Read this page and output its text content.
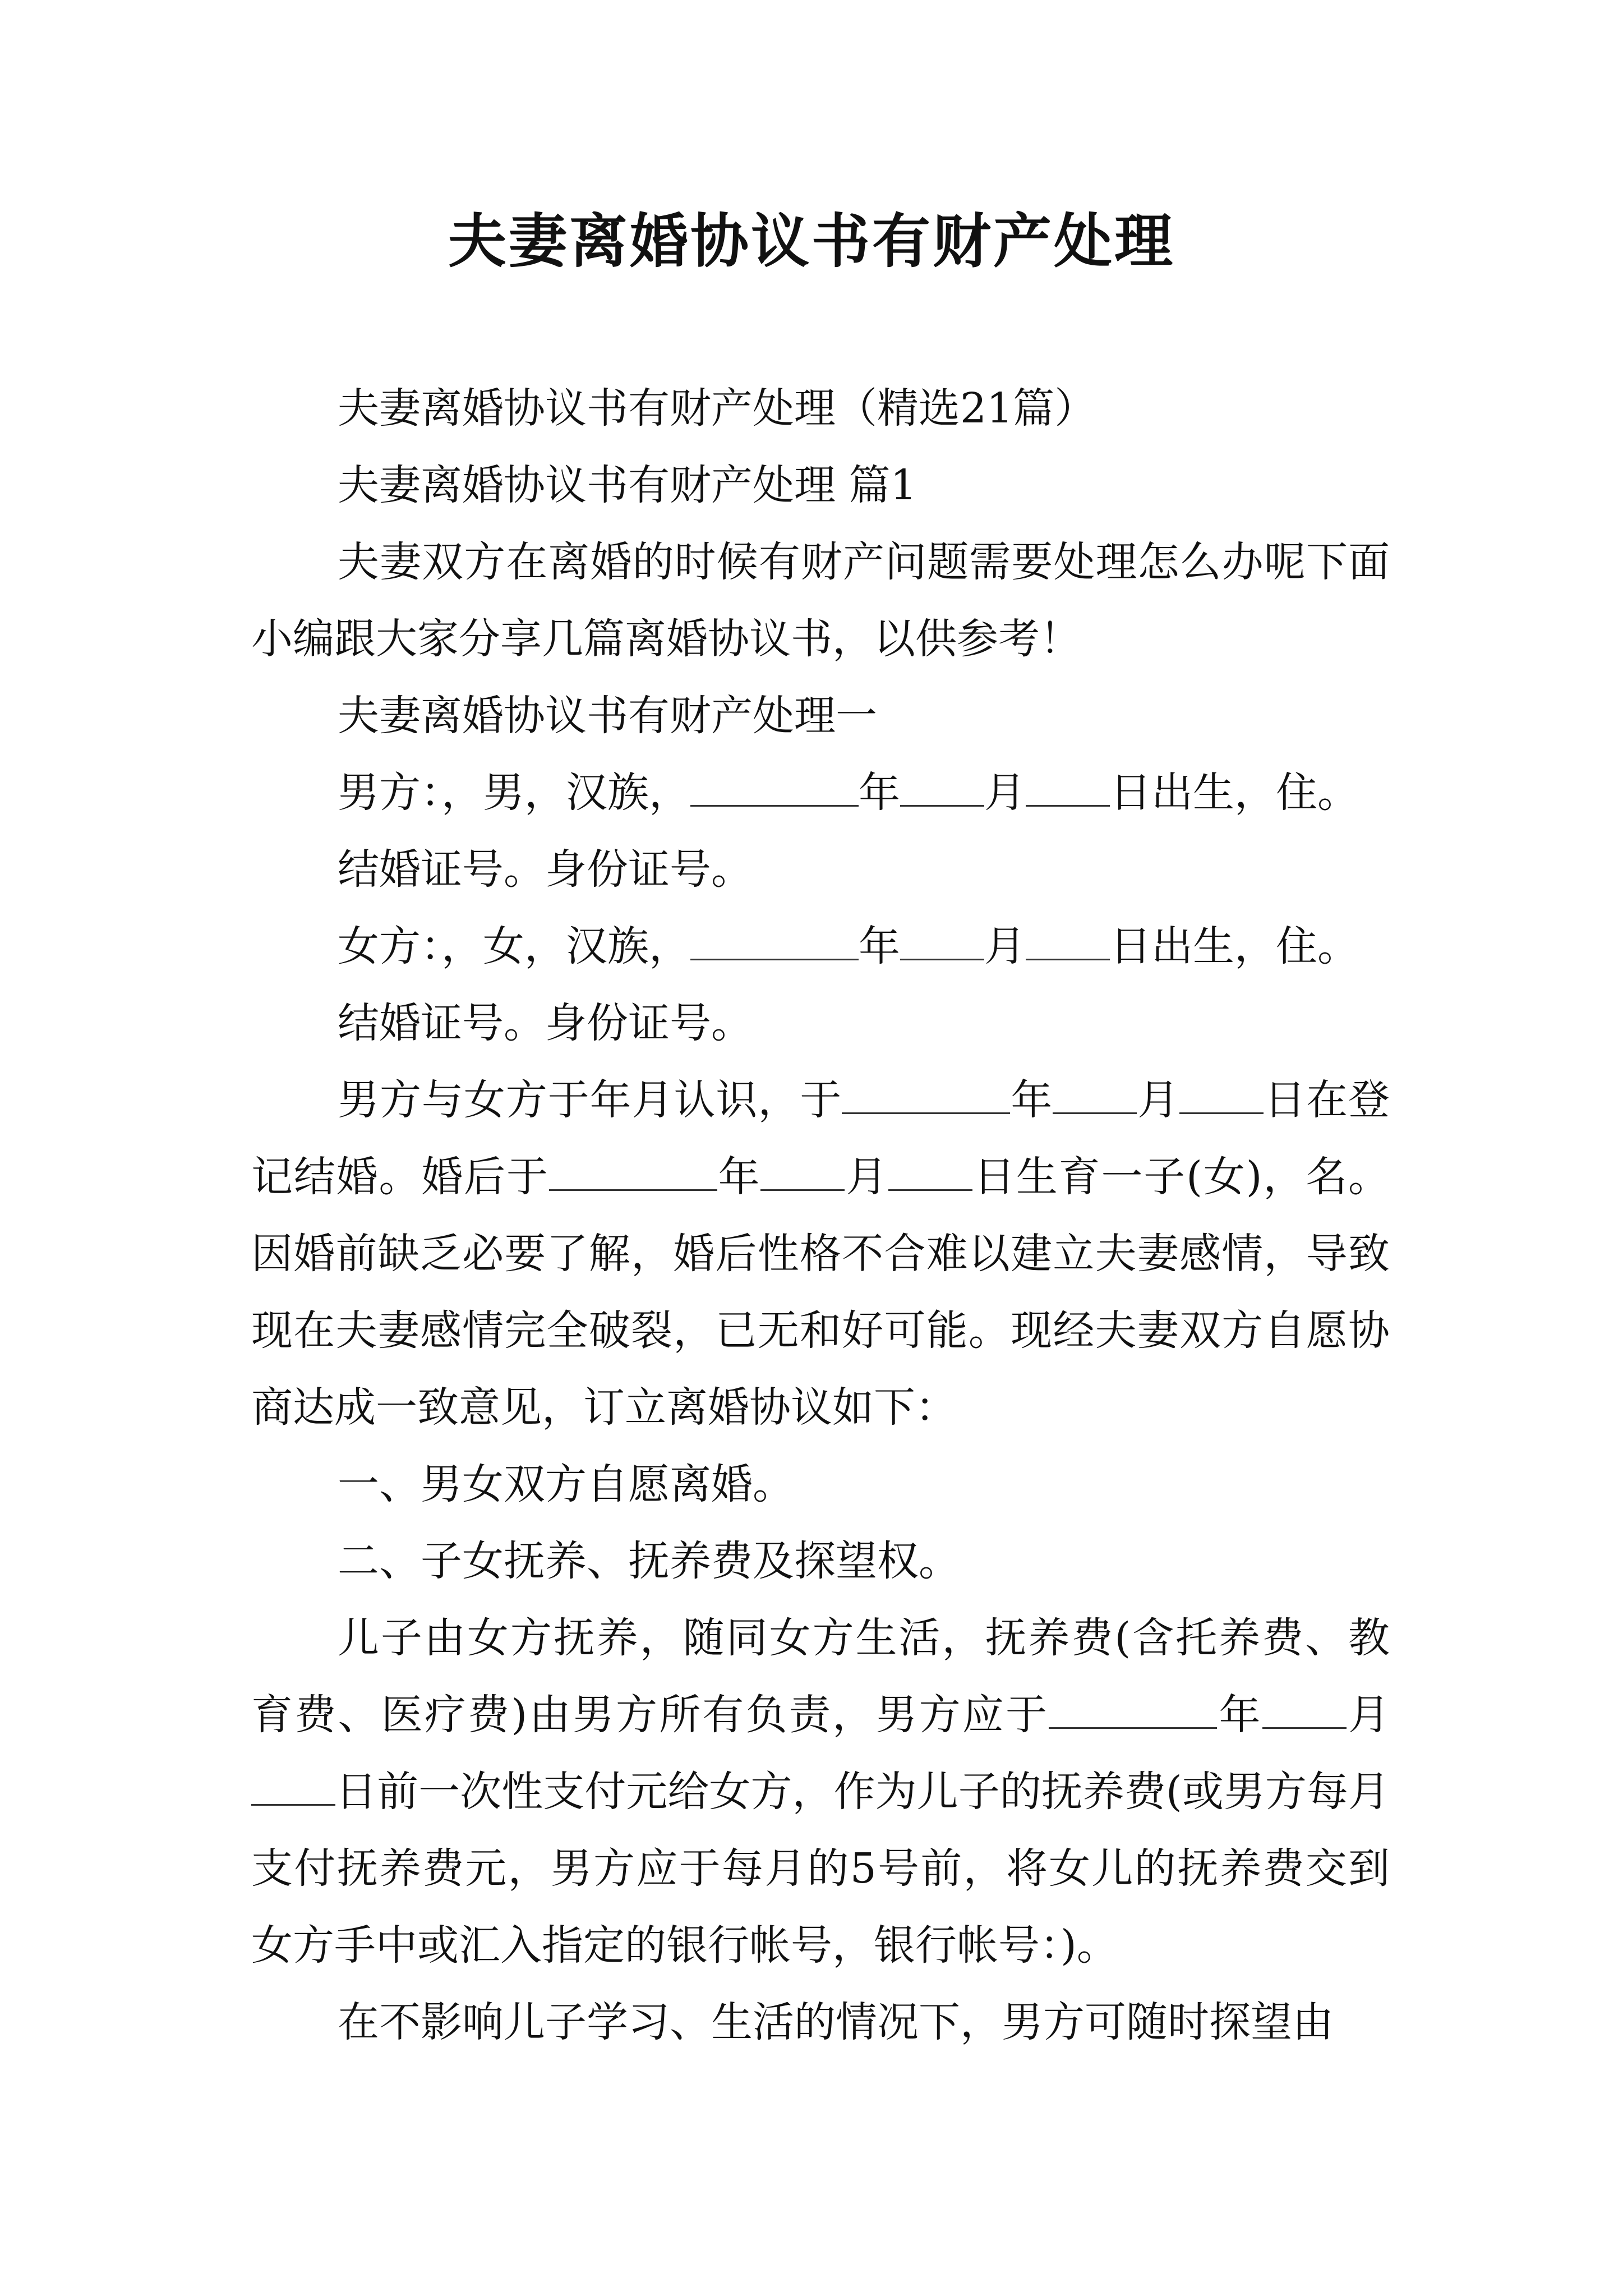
夫妻离婚协议书有财产处理

夫妻离婚协议书有财产处理（精选21篇）

夫妻离婚协议书有财产处理 篇1

夫妻双方在离婚的时候有财产问题需要处理怎么办呢下面小编跟大家分享几篇离婚协议书，以供参考！

夫妻离婚协议书有财产处理一

男方：，男，汉族，	年 月 日出生，住。

结婚证号。身份证号。

女方：，女，汉族，	年 月 日出生，住。

结婚证号。身份证号。

男方与女方于年月认识，于	年 月 日在登记结婚。婚后于	年 月 日生育一子(女)，名。因婚前缺乏必要了解，婚后性格不合难以建立夫妻感情，导致现在夫妻感情完全破裂，已无和好可能。现经夫妻双方自愿协商达成一致意见，订立离婚协议如下：

一、男女双方自愿离婚。

二、子女抚养、抚养费及探望权。

儿子由女方抚养，随同女方生活，抚养费(含托养费、教育费、医疗费)由男方所有负责，男方应于	年 月日前一次性支付元给女方，作为儿子的抚养费(或男方每月支付抚养费元，男方应于每月的5号前，将女儿的抚养费交到女方手中或汇入指定的银行帐号，银行帐号：)。

在不影响儿子学习、生活的情况下，男方可随时探望由
